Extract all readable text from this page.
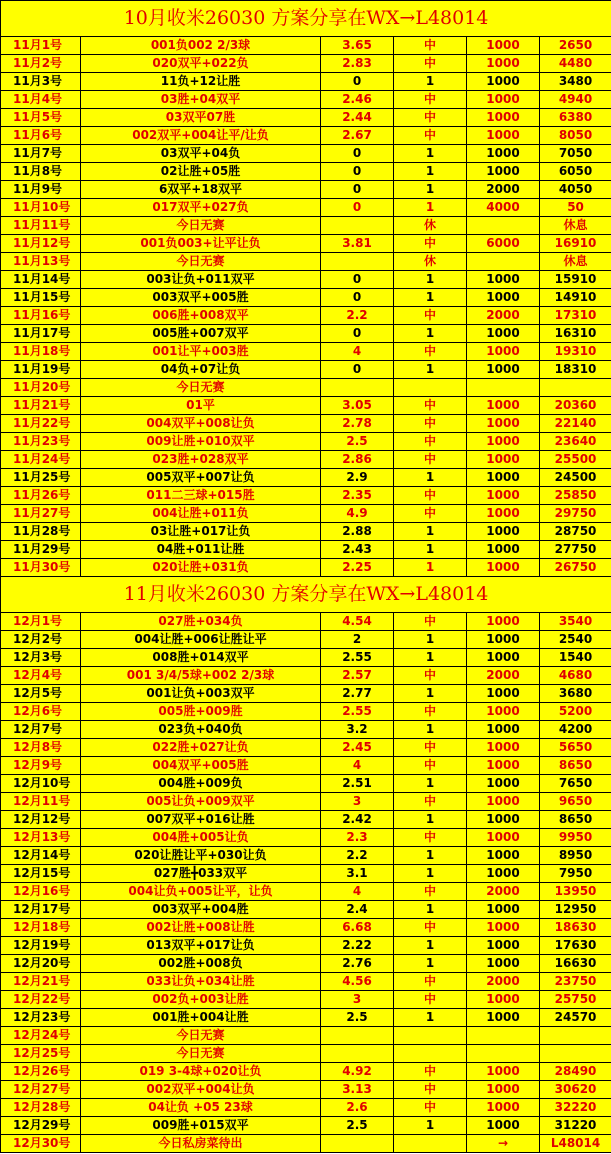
10月收米26030 方案分享在WX→L48014					
11月1号	001负002 2/3球	3.65	中	1000	2650
11月2号	020双平+022负	2.83	中	1000	4480
11月3号	11负+12让胜	0	1	1000	3480
11月4号	03胜+04双平	2.46	中	1000	4940
11月5号	03双平07胜	2.44	中	1000	6380
11月6号	002双平+004让平/让负	2.67	中	1000	8050
11月7号	03双平+04负	0	1	1000	7050
11月8号	02让胜+05胜	0	1	1000	6050
11月9号	6双平+18双平	0	1	2000	4050
11月10号	017双平+027负	0	1	4000	50
11月11号	今日无赛		休		休息
11月12号	001负003+让平让负	3.81	中	6000	16910
11月13号	今日无赛		休		休息
11月14号	003让负+011双平	0	1	1000	15910
11月15号	003双平+005胜	0	1	1000	14910
11月16号	006胜+008双平	2.2	中	2000	17310
11月17号	005胜+007双平	0	1	1000	16310
11月18号	001让平+003胜	4	中	1000	19310
11月19号	04负+07让负	0	1	1000	18310
11月20号	今日无赛				
11月21号	01平	3.05	中	1000	20360
11月22号	004双平+008让负	2.78	中	1000	22140
11月23号	009让胜+010双平	2.5	中	1000	23640
11月24号	023胜+028双平	2.86	中	1000	25500
11月25号	005双平+007让负	2.9	1	1000	24500
11月26号	011二三球+015胜	2.35	中	1000	25850
11月27号	004让胜+011负	4.9	中	1000	29750
11月28号	03让胜+017让负	2.88	1	1000	28750
11月29号	04胜+011让胜	2.43	1	1000	27750
11月30号	020让胜+031负	2.25	1	1000	26750
11月收米26030 方案分享在WX→L48014					
12月1号	027胜+034负	4.54	中	1000	3540
12月2号	004让胜+006让胜让平	2	1	1000	2540
12月3号	008胜+014双平	2.55	1	1000	1540
12月4号	001 3/4/5球+002 2/3球	2.57	中	2000	4680
12月5号	001让负+003双平	2.77	1	1000	3680
12月6号	005胜+009胜	2.55	中	1000	5200
12月7号	023负+040负	3.2	1	1000	4200
12月8号	022胜+027让负	2.45	中	1000	5650
12月9号	004双平+005胜	4	中	1000	8650
12月10号	004胜+009负	2.51	1	1000	7650
12月11号	005让负+009双平	3	中	1000	9650
12月12号	007双平+016让胜	2.42	1	1000	8650
12月13号	004胜+005让负	2.3	中	1000	9950
12月14号	020让胜让平+030让负	2.2	1	1000	8950
12月15号	027胜╋033双平	3.1	1	1000	7950
12月16号	004让负+005让平，让负	4	中	2000	13950
12月17号	003双平+004胜	2.4	1	1000	12950
12月18号	002让胜+008让胜	6.68	中	1000	18630
12月19号	013双平+017让负	2.22	1	1000	17630
12月20号	002胜+008负	2.76	1	1000	16630
12月21号	033让负+034让胜	4.56	中	2000	23750
12月22号	002负+003让胜	3	中	1000	25750
12月23号	001胜+004让胜	2.5	1	1000	24570
12月24号	今日无赛				
12月25号	今日无赛				
12月26号	019 3-4球+020让负	4.92	中	1000	28490
12月27号	002双平+004让负	3.13	中	1000	30620
12月28号	04让负 +05 23球	2.6	中	1000	32220
12月29号	009胜+015双平	2.5	1	1000	31220
12月30号	今日私房菜待出			→	L48014
